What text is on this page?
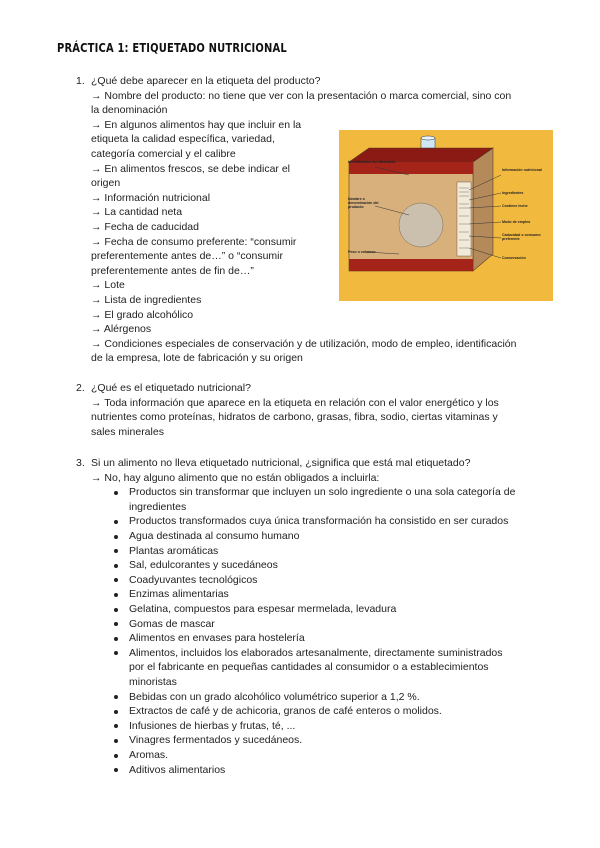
PRÁCTICA 1: ETIQUETADO NUTRICIONAL
1. ¿Qué debe aparecer en la etiqueta del producto?
→ Nombre del producto: no tiene que ver con la presentación o marca comercial, sino con
la denominación
→ En algunos alimentos hay que incluir en la
etiqueta la calidad específica, variedad,
categoría comercial y el calibre
→ En alimentos frescos, se debe indicar el
origen
→ Información nutricional
→ La cantidad neta
→ Fecha de caducidad
→ Fecha de consumo preferente: “consumir
preferentemente antes de…” o “consumir
preferentemente antes de fin de…”
→ Lote
→ Lista de ingredientes
→ El grado alcohólico
→ Alérgenos
→ Condiciones especiales de conservación y de utilización, modo de empleo, identificación
de la empresa, lote de fabricación y su origen
Identificación del fabricante
Nombre o denominación del producto
Peso o volumen
Información nutricional
Ingredientes
Contiene leche
Modo de empleo
Caducidad o consumo preferente
Conservación
2. ¿Qué es el etiquetado nutricional?
→ Toda información que aparece en la etiqueta en relación con el valor energético y los
nutrientes como proteínas, hidratos de carbono, grasas, fibra, sodio, ciertas vitaminas y
sales minerales
3. Si un alimento no lleva etiquetado nutricional, ¿significa que está mal etiquetado?
→ No, hay alguno alimento que no están obligados a incluirla:
Productos sin transformar que incluyen un solo ingrediente o una sola categoría de
ingredientes
Productos transformados cuya única transformación ha consistido en ser curados
Agua destinada al consumo humano
Plantas aromáticas
Sal, edulcorantes y sucedáneos
Coadyuvantes tecnológicos
Enzimas alimentarias
Gelatina, compuestos para espesar mermelada, levadura
Gomas de mascar
Alimentos en envases para hostelería
Alimentos, incluidos los elaborados artesanalmente, directamente suministrados
por el fabricante en pequeñas cantidades al consumidor o a establecimientos
minoristas
Bebidas con un grado alcohólico volumétrico superior a 1,2 %.
Extractos de café y de achicoria, granos de café enteros o molidos.
Infusiones de hierbas y frutas, té, ...
Vinagres fermentados y sucedáneos.
Aromas.
Aditivos alimentarios
